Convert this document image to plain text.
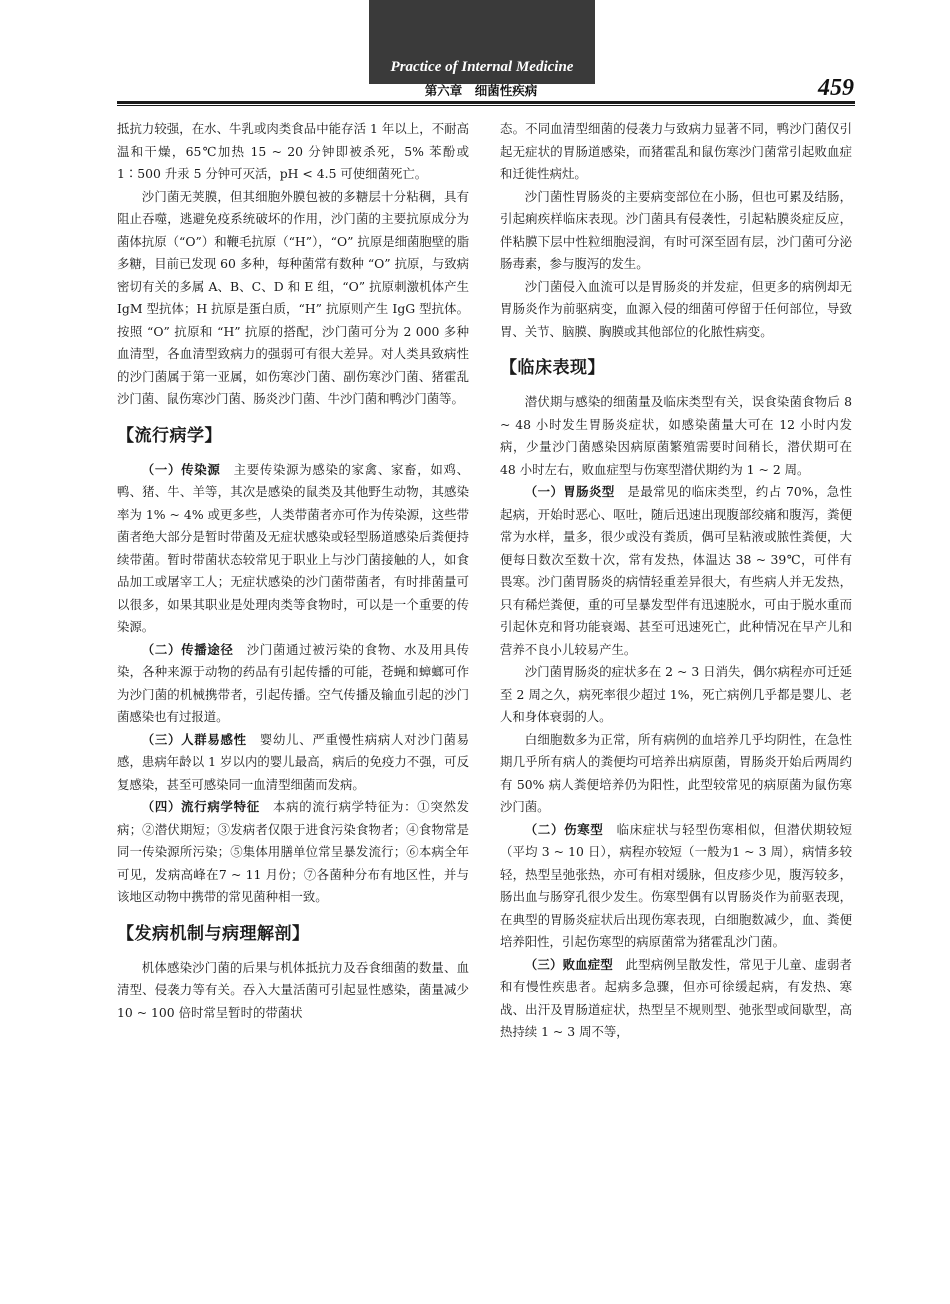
Practice of Internal Medicine
第六章　细菌性疾病	459

抵抗力较强，在水、牛乳或肉类食品中能存活 1 年以上，不耐高温和干燥，65℃加热 15 ~ 20 分钟即被杀死，5% 苯酚或 1∶500 升汞 5 分钟可灭活，pH < 4.5 可使细菌死亡。

沙门菌无荚膜，但其细胞外膜包被的多糖层十分粘稠，具有阻止吞噬，逃避免疫系统破坏的作用，沙门菌的主要抗原成分为菌体抗原（“O”）和鞭毛抗原（“H”），“O” 抗原是细菌胞壁的脂多糖，目前已发现 60 多种，每种菌常有数种 “O” 抗原，与致病密切有关的多属 A、B、C、D 和 E 组，“O” 抗原刺激机体产生 IgM 型抗体；H 抗原是蛋白质，“H” 抗原则产生 IgG 型抗体。按照 “O” 抗原和 “H” 抗原的搭配，沙门菌可分为 2 000 多种血清型，各血清型致病力的强弱可有很大差异。对人类具致病性的沙门菌属于第一亚属，如伤寒沙门菌、副伤寒沙门菌、猪霍乱沙门菌、鼠伤寒沙门菌、肠炎沙门菌、牛沙门菌和鸭沙门菌等。

【流行病学】

（一）传染源　 主要传染源为感染的家禽、家畜，如鸡、鸭、猪、牛、羊等，其次是感染的鼠类及其他野生动物，其感染率为 1% ~ 4% 或更多些，人类带菌者亦可作为传染源，这些带菌者绝大部分是暂时带菌及无症状感染或轻型肠道感染后粪便持续带菌。暂时带菌状态较常见于职业上与沙门菌接触的人，如食品加工或屠宰工人；无症状感染的沙门菌带菌者，有时排菌量可以很多，如果其职业是处理肉类等食物时，可以是一个重要的传染源。

（二）传播途径　 沙门菌通过被污染的食物、水及用具传染，各种来源于动物的药品有引起传播的可能，苍蝇和蟑螂可作为沙门菌的机械携带者，引起传播。空气传播及输血引起的沙门菌感染也有过报道。

（三）人群易感性　 婴幼儿、严重慢性病病人对沙门菌易感，患病年龄以 1 岁以内的婴儿最高，病后的免疫力不强，可反复感染，甚至可感染同一血清型细菌而发病。

（四）流行病学特征　 本病的流行病学特征为：①突然发病；②潜伏期短；③发病者仅限于进食污染食物者；④食物常是同一传染源所污染；⑤集体用膳单位常呈暴发流行；⑥本病全年可见，发病高峰在7 ~ 11 月份；⑦各菌种分布有地区性，并与该地区动物中携带的常见菌种相一致。

【发病机制与病理解剖】

机体感染沙门菌的后果与机体抵抗力及吞食细菌的数量、血清型、侵袭力等有关。吞入大量活菌可引起显性感染，菌量减少 10 ~ 100 倍时常呈暂时的带菌状

态。不同血清型细菌的侵袭力与致病力显著不同，鸭沙门菌仅引起无症状的胃肠道感染，而猪霍乱和鼠伤寒沙门菌常引起败血症和迁徙性病灶。

沙门菌性胃肠炎的主要病变部位在小肠，但也可累及结肠，引起痢疾样临床表现。沙门菌具有侵袭性，引起粘膜炎症反应，伴粘膜下层中性粒细胞浸润，有时可深至固有层，沙门菌可分泌肠毒素，参与腹泻的发生。

沙门菌侵入血流可以是胃肠炎的并发症，但更多的病例却无胃肠炎作为前驱病变，血源入侵的细菌可停留于任何部位，导致胃、关节、脑膜、胸膜或其他部位的化脓性病变。

【临床表现】

潜伏期与感染的细菌量及临床类型有关，误食染菌食物后 8 ~ 48 小时发生胃肠炎症状，如感染菌量大可在 12 小时内发病，少量沙门菌感染因病原菌繁殖需要时间稍长，潜伏期可在 48 小时左右，败血症型与伤寒型潜伏期约为 1 ~ 2 周。

（一）胃肠炎型　 是最常见的临床类型，约占 70%，急性起病，开始时恶心、呕吐，随后迅速出现腹部绞痛和腹泻，粪便常为水样，量多，很少或没有粪质，偶可呈粘液或脓性粪便，大便每日数次至数十次，常有发热，体温达 38 ~ 39℃，可伴有畏寒。沙门菌胃肠炎的病情轻重差异很大，有些病人并无发热，只有稀烂粪便，重的可呈暴发型伴有迅速脱水，可由于脱水重而引起休克和肾功能衰竭、甚至可迅速死亡，此种情况在早产儿和营养不良小儿较易产生。

沙门菌胃肠炎的症状多在 2 ~ 3 日消失，偶尔病程亦可迁延至 2 周之久，病死率很少超过 1%，死亡病例几乎都是婴儿、老人和身体衰弱的人。

白细胞数多为正常，所有病例的血培养几乎均阴性，在急性期几乎所有病人的粪便均可培养出病原菌，胃肠炎开始后两周约有 50% 病人粪便培养仍为阳性，此型较常见的病原菌为鼠伤寒沙门菌。

（二）伤寒型　 临床症状与轻型伤寒相似，但潜伏期较短（平均 3 ~ 10 日），病程亦较短（一般为1 ~ 3 周），病情多较轻，热型呈弛张热，亦可有相对缓脉，但皮疹少见，腹泻较多，肠出血与肠穿孔很少发生。伤寒型偶有以胃肠炎作为前驱表现，在典型的胃肠炎症状后出现伤寒表现，白细胞数减少，血、粪便培养阳性，引起伤寒型的病原菌常为猪霍乱沙门菌。

（三）败血症型　 此型病例呈散发性，常见于儿童、虚弱者和有慢性疾患者。起病多急骤，但亦可徐缓起病，有发热、寒战、出汗及胃肠道症状，热型呈不规则型、弛张型或间歇型，高热持续 1 ~ 3 周不等，
